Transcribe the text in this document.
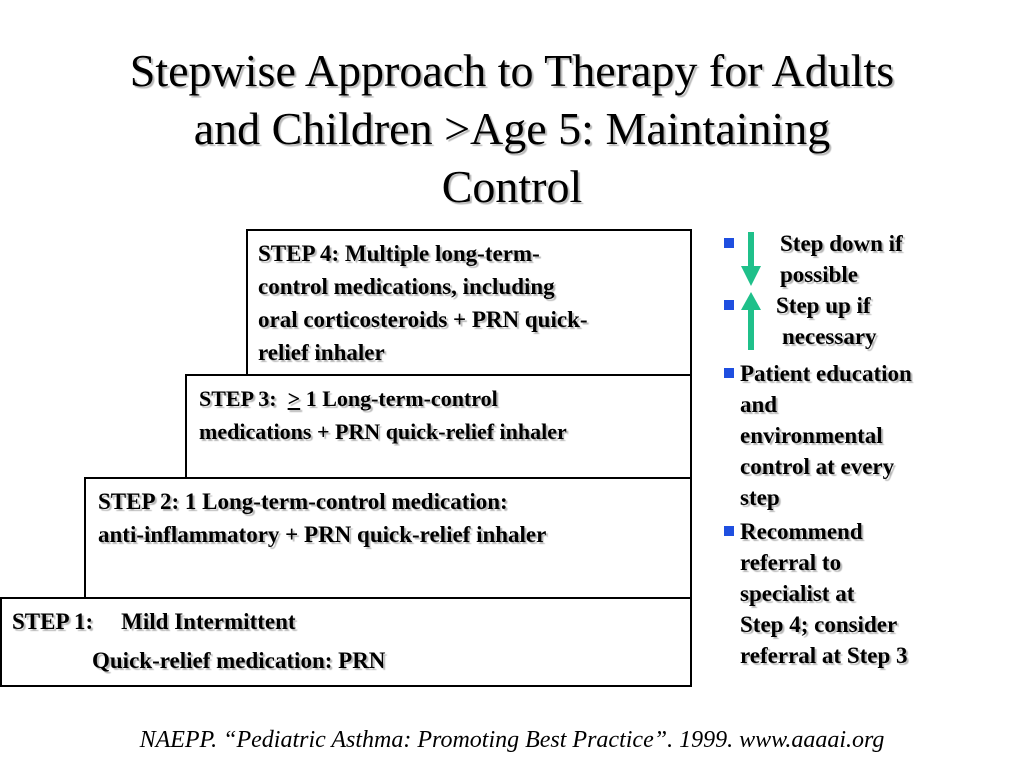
Stepwise Approach to Therapy for Adults
and Children >Age 5: Maintaining
Control
STEP 4: Multiple long-term-
control medications, including
oral corticosteroids + PRN quick-
relief inhaler
STEP 3:  > 1 Long-term-control
medications + PRN quick-relief inhaler
STEP 2: 1 Long-term-control medication:
anti-inflammatory + PRN quick-relief inhaler
STEP 1: Mild Intermittent
Quick-relief medication: PRN
Step down if
possible
Step up if
necessary
Patient education
and
environmental
control at every
step
Recommend
referral to
specialist at
Step 4; consider
referral at Step 3
NAEPP. “Pediatric Asthma: Promoting Best Practice”. 1999. www.aaaai.org
